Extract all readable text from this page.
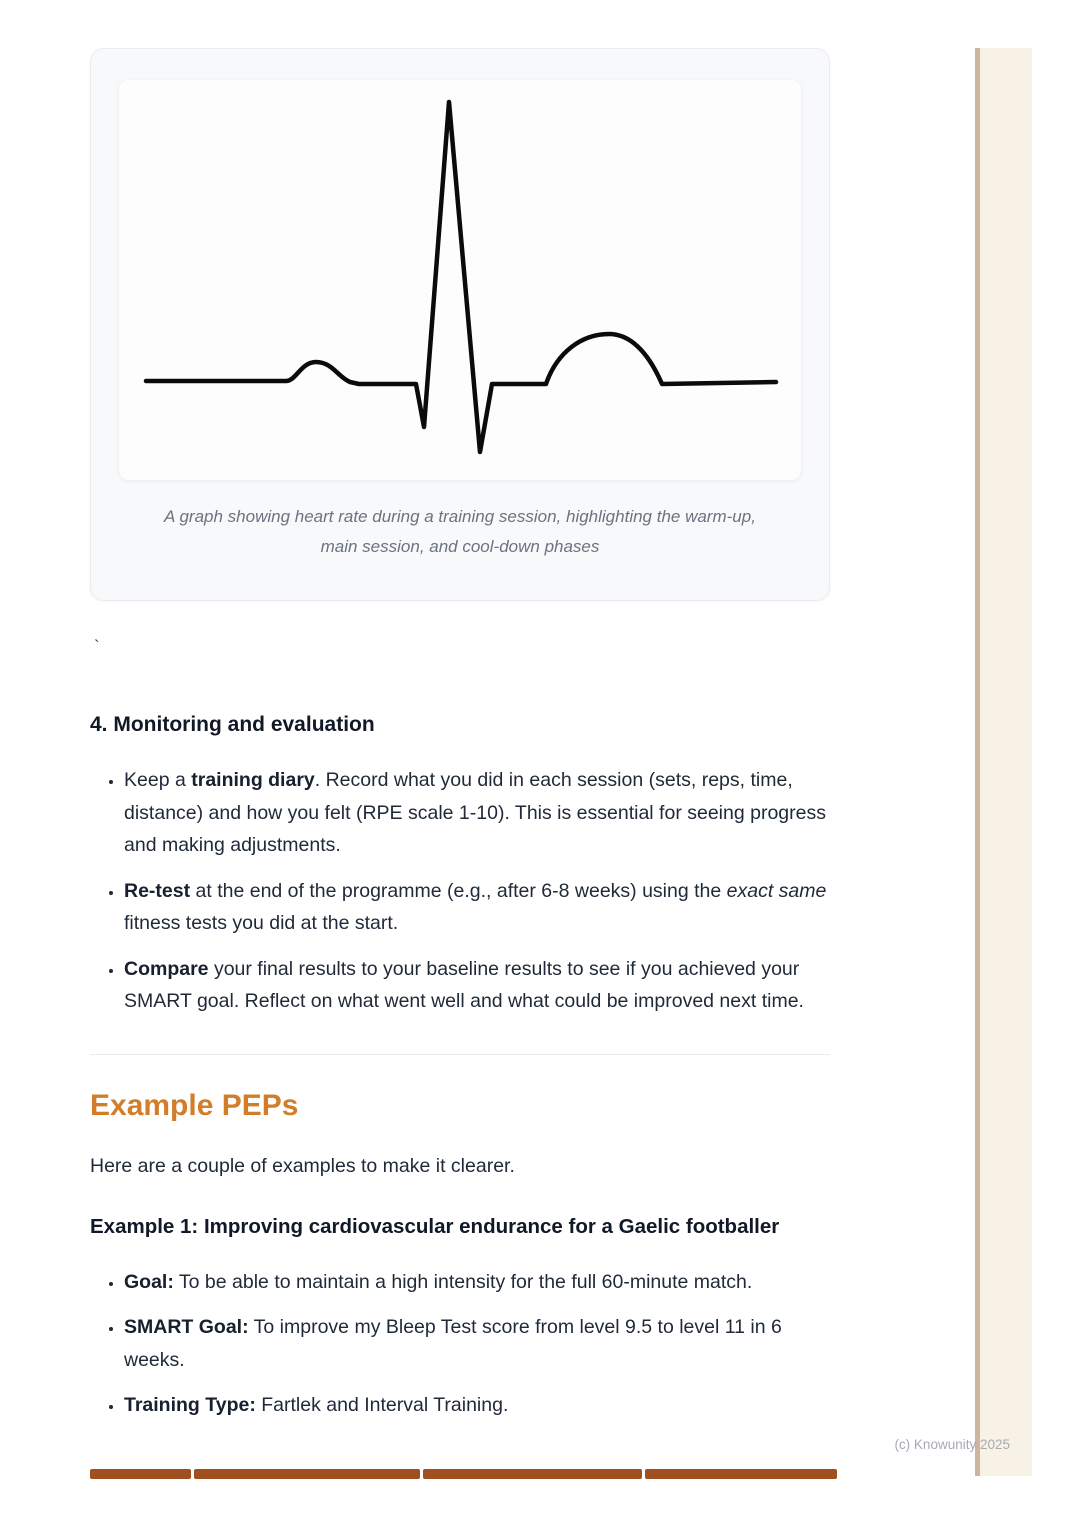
A graph showing heart rate during a training session, highlighting the warm-up, main session, and cool-down phases
`
4. Monitoring and evaluation
• Keep a training diary. Record what you did in each session (sets, reps, time, distance) and how you felt (RPE scale 1-10). This is essential for seeing progress and making adjustments.
• Re-test at the end of the programme (e.g., after 6-8 weeks) using the exact same fitness tests you did at the start.
• Compare your final results to your baseline results to see if you achieved your SMART goal. Reflect on what went well and what could be improved next time.
Example PEPs

Here are a couple of examples to make it clearer.

Example 1: Improving cardiovascular endurance for a Gaelic footballer
• Goal: To be able to maintain a high intensity for the full 60-minute match.
• SMART Goal: To improve my Bleep Test score from level 9.5 to level 11 in 6 weeks.
• Training Type: Fartlek and Interval Training.
(c) Knowunity 2025
